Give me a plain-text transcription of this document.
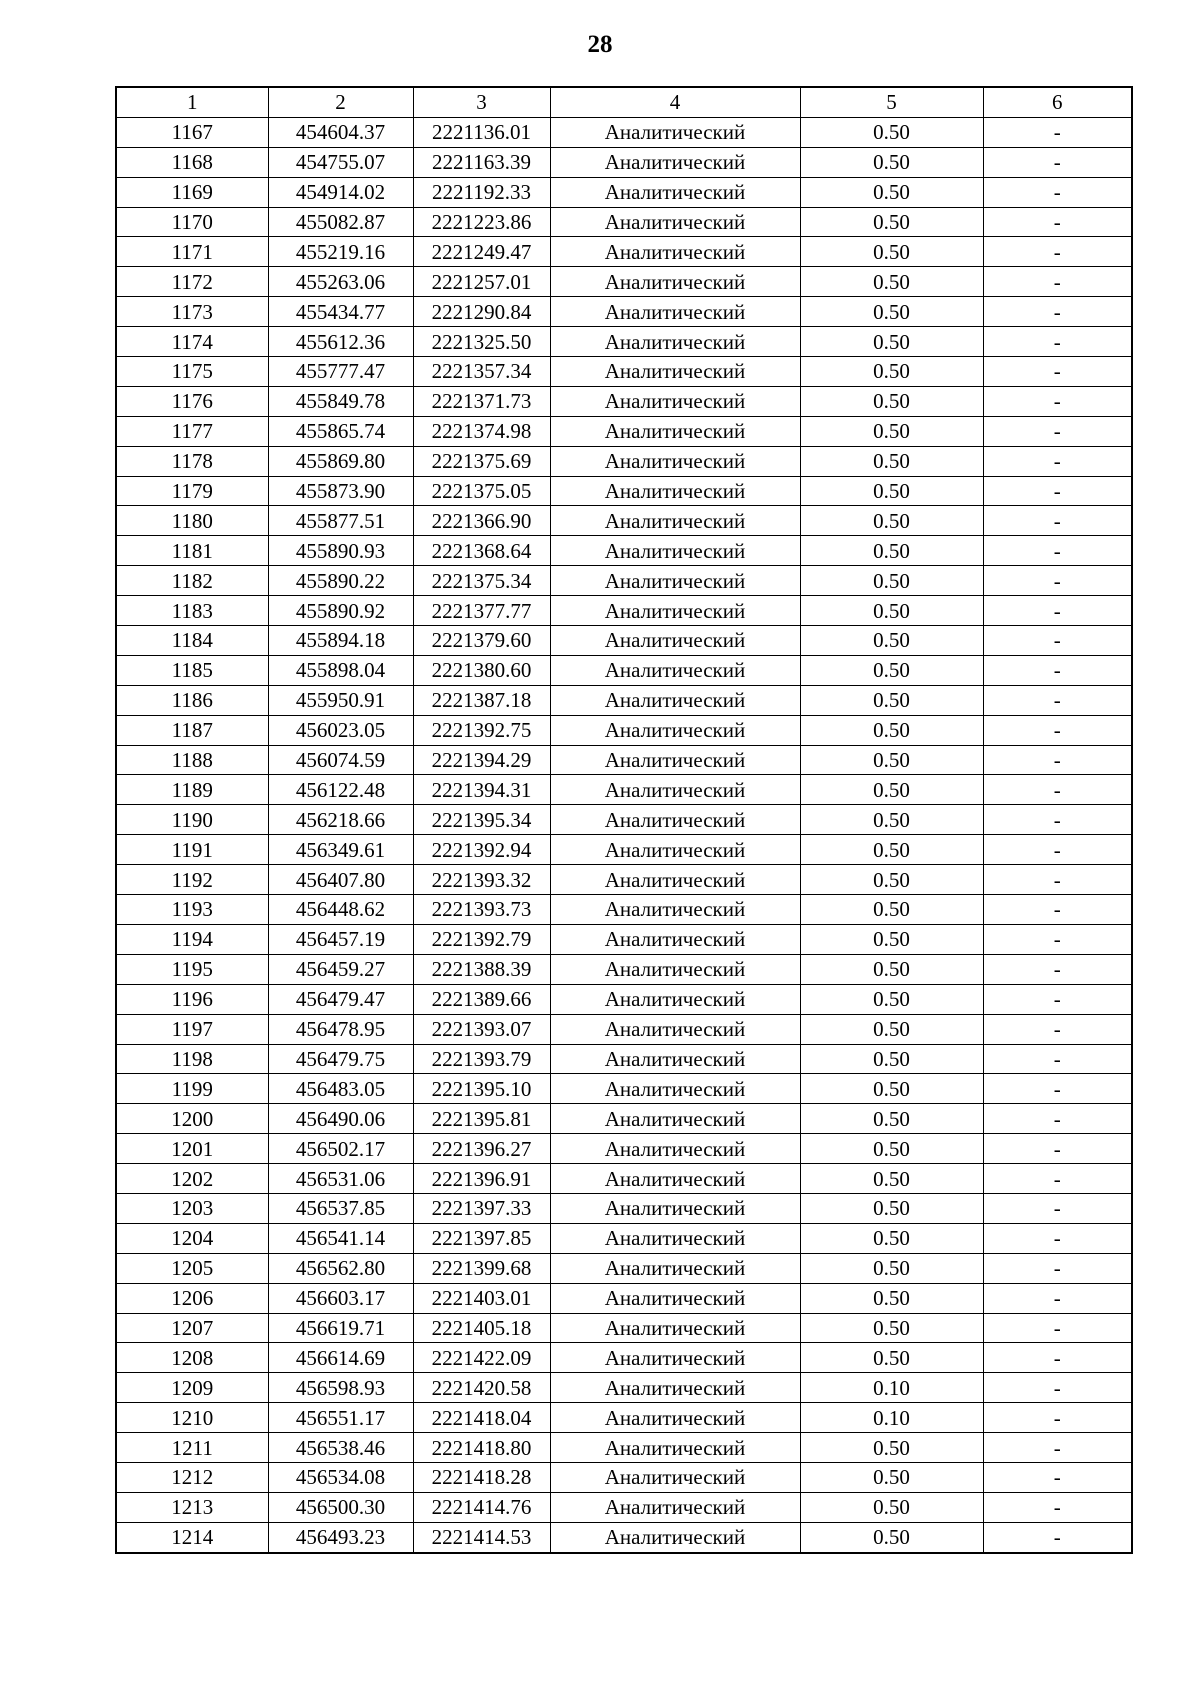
28
1	2	3	4	5	6
1167	454604.37	2221136.01	Аналитический	0.50	-
1168	454755.07	2221163.39	Аналитический	0.50	-
1169	454914.02	2221192.33	Аналитический	0.50	-
1170	455082.87	2221223.86	Аналитический	0.50	-
1171	455219.16	2221249.47	Аналитический	0.50	-
1172	455263.06	2221257.01	Аналитический	0.50	-
1173	455434.77	2221290.84	Аналитический	0.50	-
1174	455612.36	2221325.50	Аналитический	0.50	-
1175	455777.47	2221357.34	Аналитический	0.50	-
1176	455849.78	2221371.73	Аналитический	0.50	-
1177	455865.74	2221374.98	Аналитический	0.50	-
1178	455869.80	2221375.69	Аналитический	0.50	-
1179	455873.90	2221375.05	Аналитический	0.50	-
1180	455877.51	2221366.90	Аналитический	0.50	-
1181	455890.93	2221368.64	Аналитический	0.50	-
1182	455890.22	2221375.34	Аналитический	0.50	-
1183	455890.92	2221377.77	Аналитический	0.50	-
1184	455894.18	2221379.60	Аналитический	0.50	-
1185	455898.04	2221380.60	Аналитический	0.50	-
1186	455950.91	2221387.18	Аналитический	0.50	-
1187	456023.05	2221392.75	Аналитический	0.50	-
1188	456074.59	2221394.29	Аналитический	0.50	-
1189	456122.48	2221394.31	Аналитический	0.50	-
1190	456218.66	2221395.34	Аналитический	0.50	-
1191	456349.61	2221392.94	Аналитический	0.50	-
1192	456407.80	2221393.32	Аналитический	0.50	-
1193	456448.62	2221393.73	Аналитический	0.50	-
1194	456457.19	2221392.79	Аналитический	0.50	-
1195	456459.27	2221388.39	Аналитический	0.50	-
1196	456479.47	2221389.66	Аналитический	0.50	-
1197	456478.95	2221393.07	Аналитический	0.50	-
1198	456479.75	2221393.79	Аналитический	0.50	-
1199	456483.05	2221395.10	Аналитический	0.50	-
1200	456490.06	2221395.81	Аналитический	0.50	-
1201	456502.17	2221396.27	Аналитический	0.50	-
1202	456531.06	2221396.91	Аналитический	0.50	-
1203	456537.85	2221397.33	Аналитический	0.50	-
1204	456541.14	2221397.85	Аналитический	0.50	-
1205	456562.80	2221399.68	Аналитический	0.50	-
1206	456603.17	2221403.01	Аналитический	0.50	-
1207	456619.71	2221405.18	Аналитический	0.50	-
1208	456614.69	2221422.09	Аналитический	0.50	-
1209	456598.93	2221420.58	Аналитический	0.10	-
1210	456551.17	2221418.04	Аналитический	0.10	-
1211	456538.46	2221418.80	Аналитический	0.50	-
1212	456534.08	2221418.28	Аналитический	0.50	-
1213	456500.30	2221414.76	Аналитический	0.50	-
1214	456493.23	2221414.53	Аналитический	0.50	-
